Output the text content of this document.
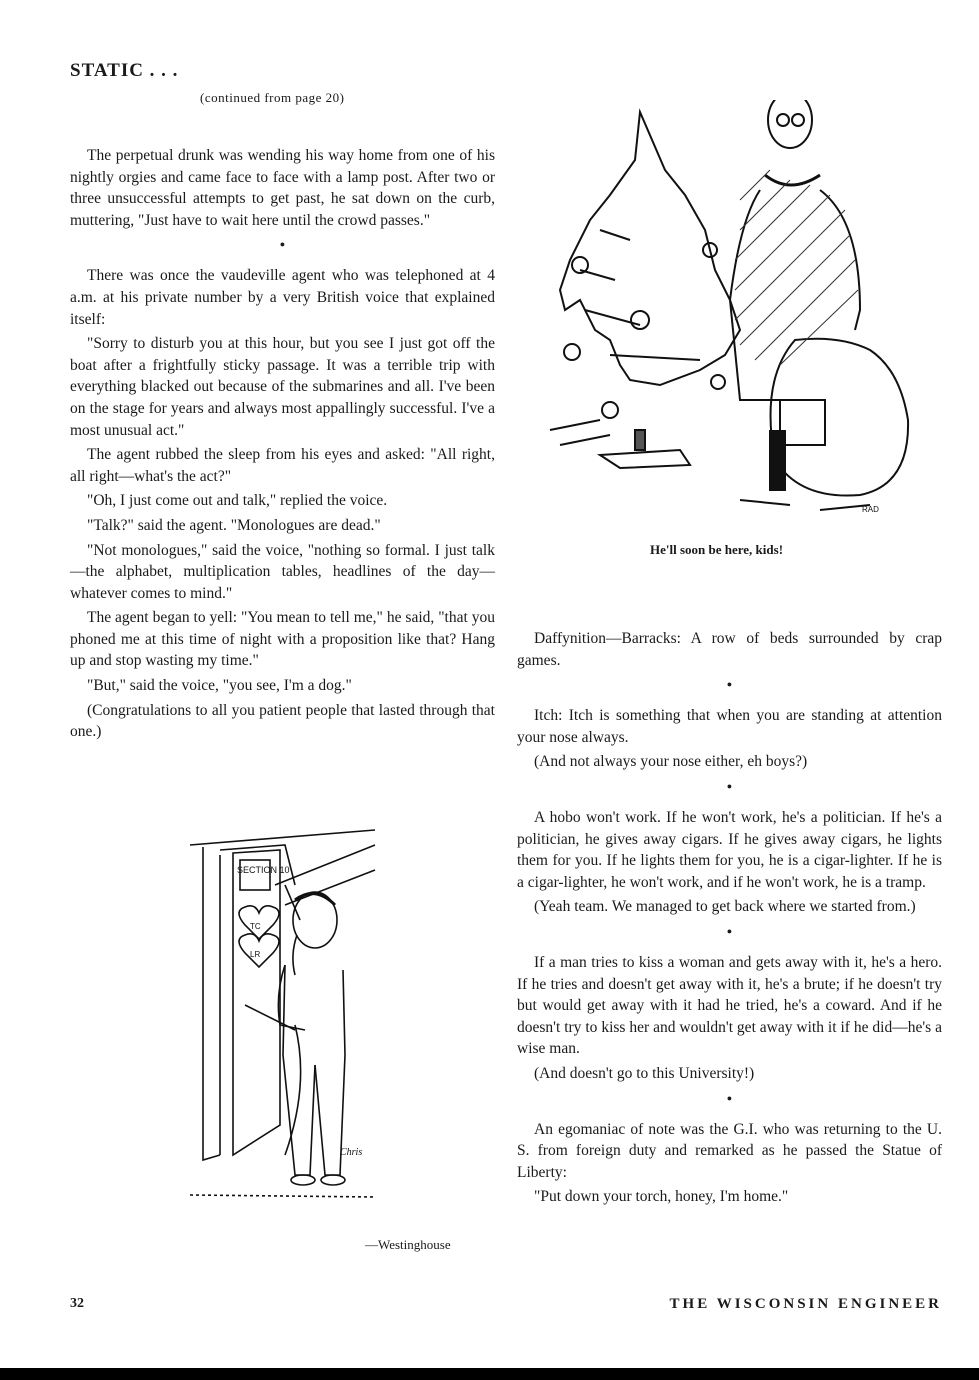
STATIC . . .
(continued from page 20)

The perpetual drunk was wending his way home from one of his nightly orgies and came face to face with a lamp post. After two or three unsuccessful attempts to get past, he sat down on the curb, muttering, "Just have to wait here until the crowd passes."

●

There was once the vaudeville agent who was telephoned at 4 a.m. at his private number by a very British voice that explained itself:

"Sorry to disturb you at this hour, but you see I just got off the boat after a frightfully sticky passage. It was a terrible trip with everything blacked out because of the submarines and all. I've been on the stage for years and always most appallingly successful. I've a most unusual act."

The agent rubbed the sleep from his eyes and asked: "All right, all right—what's the act?"

"Oh, I just come out and talk," replied the voice.

"Talk?" said the agent. "Monologues are dead."

"Not monologues," said the voice, "nothing so formal. I just talk—the alphabet, multiplication tables, headlines of the day—whatever comes to mind."

The agent began to yell: "You mean to tell me," he said, "that you phoned me at this time of night with a proposition like that? Hang up and stop wasting my time."

"But," said the voice, "you see, I'm a dog."

(Congratulations to all you patient people that lasted through that one.)

RAD
He'll soon be here, kids!
SECTION 10
TC
LR
Chris
—Westinghouse

Daffynition—Barracks: A row of beds surrounded by crap games.

●

Itch: Itch is something that when you are standing at attention your nose always.

(And not always your nose either, eh boys?)

●

A hobo won't work. If he won't work, he's a politician. If he's a politician, he gives away cigars. If he gives away cigars, he lights them for you. If he lights them for you, he is a cigar-lighter. If he is a cigar-lighter, he won't work, and if he won't work, he is a tramp.

(Yeah team. We managed to get back where we started from.)

●

If a man tries to kiss a woman and gets away with it, he's a hero. If he tries and doesn't get away with it, he's a brute; if he doesn't try but would get away with it had he tried, he's a coward. And if he doesn't try to kiss her and wouldn't get away with it if he did—he's a wise man.

(And doesn't go to this University!)

●

An egomaniac of note was the G.I. who was returning to the U. S. from foreign duty and remarked as he passed the Statue of Liberty:

"Put down your torch, honey, I'm home."

32	THE WISCONSIN ENGINEER
